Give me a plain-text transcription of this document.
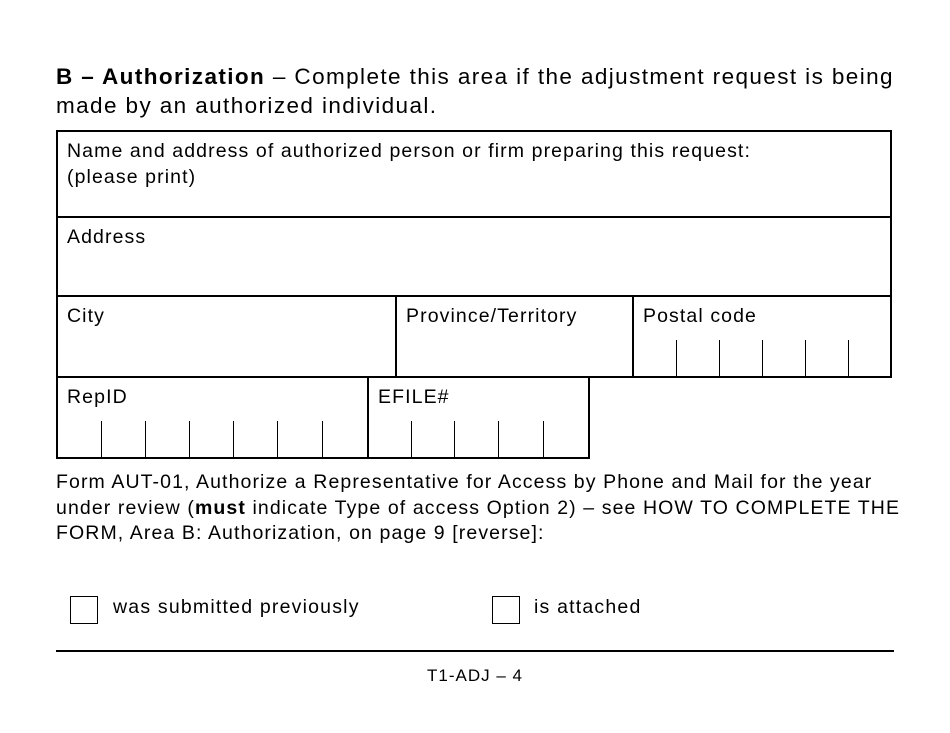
B – Authorization – Complete this area if the adjustment request is being made by an authorized individual.
Name and address of authorized person or firm preparing this request:
(please print)
Address
City	Province/Territory	Postal code
RepID	EFILE#
Form AUT-01, Authorize a Representative for Access by Phone and Mail for the year under review (must indicate Type of access Option 2) – see HOW TO COMPLETE THE FORM, Area B: Authorization, on page 9 [reverse]:
was submitted previously	is attached
T1-ADJ – 4
